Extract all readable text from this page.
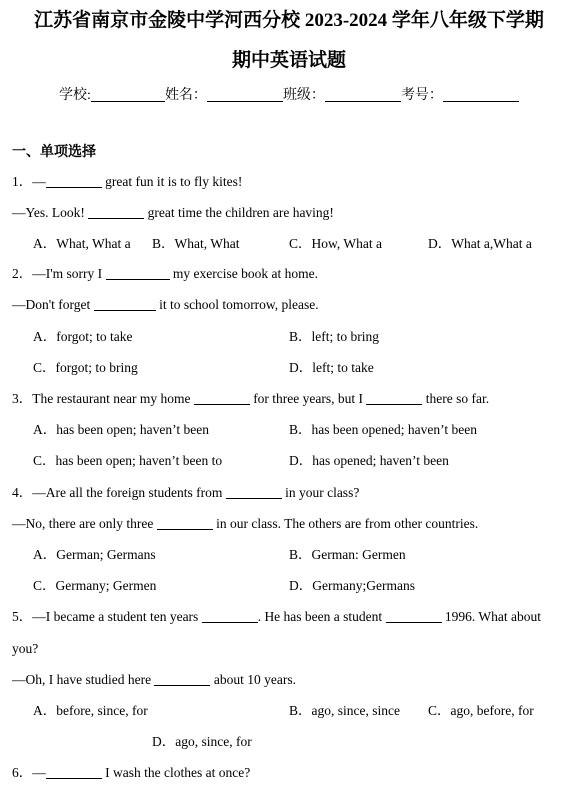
江苏省南京市金陵中学河西分校 2023-2024 学年八年级下学期
期中英语试题
学校:	姓名：	班级：	考号：
一、单项选择
1．—	great fun it is to fly kites!
—Yes. Look!	great time the children are having!
A．What, What a B．What, What	C．How, What a	D．What a,What a
2．—I'm sorry I	my exercise book at home.
—Don't forget	it to school tomorrow, please.
A．forgot; to take	B．left; to bring
C．forgot; to bring	D．left; to take
3．The restaurant near my home	for three years, but I	there so far.
A．has been open; haven’t been	B．has been opened; haven’t been
C．has been open; haven’t been to	D．has opened; haven’t been
4．—Are all the foreign students from	in your class?
—No, there are only three	in our class. The others are from other countries.
A．German; Germans	B．German: Germen
C．Germany; Germen	D．Germany;Germans
5．—I became a student ten years	. He has been a student	1996. What about
you?
—Oh, I have studied here	about 10 years.
A．before, since, for	B．ago, since, since C．ago, before, for
D．ago, since, for
6．—	I wash the clothes at once?
